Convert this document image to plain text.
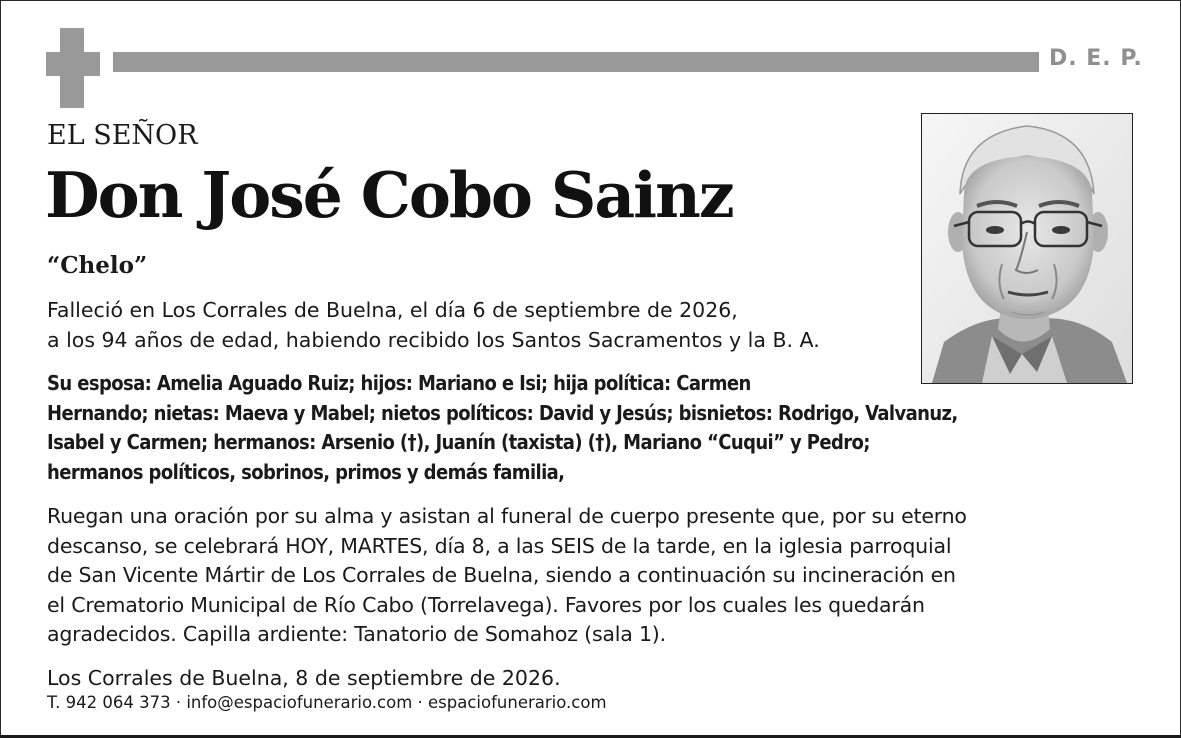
D. E. P.
EL SEÑOR
Don José Cobo Sainz
“Chelo”
Falleció en Los Corrales de Buelna, el día 6 de septiembre de 2026,
a los 94 años de edad, habiendo recibido los Santos Sacramentos y la B. A.
Su esposa: Amelia Aguado Ruiz; hijos: Mariano e Isi; hija política: Carmen
Hernando; nietas: Maeva y Mabel; nietos políticos: David y Jesús; bisnietos: Rodrigo, Valvanuz,
Isabel y Carmen; hermanos: Arsenio (†), Juanín (taxista) (†), Mariano “Cuqui” y Pedro;
hermanos políticos, sobrinos, primos y demás familia,
Ruegan una oración por su alma y asistan al funeral de cuerpo presente que, por su eterno
descanso, se celebrará HOY, MARTES, día 8, a las SEIS de la tarde, en la iglesia parroquial
de San Vicente Mártir de Los Corrales de Buelna, siendo a continuación su incineración en
el Crematorio Municipal de Río Cabo (Torrelavega). Favores por los cuales les quedarán
agradecidos. Capilla ardiente: Tanatorio de Somahoz (sala 1).
Los Corrales de Buelna, 8 de septiembre de 2026.
T. 942 064 373 · info@espaciofunerario.com · espaciofunerario.com
